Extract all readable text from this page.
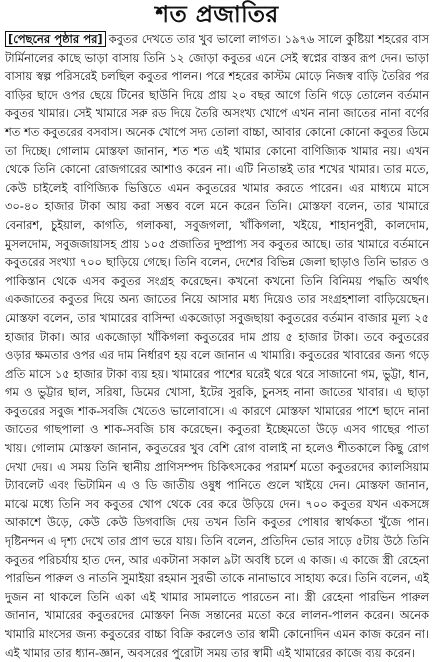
শত প্রজাতির

[পেছনের পৃষ্ঠার পর] কবুতর দেখতে তার খুব ভালো লাগত। ১৯৭৬ সালে কুষ্টিয়া শহরের বাস টার্মিনালের কাছে ভাড়া বাসায় তিনি ১২ জোড়া কবুতর এনে সেই স্বপ্নের বাস্তব রূপ দেন। ভাড়া বাসায় স্বল্প পরিসরেই চলছিল কবুতর পালন। পরে শহরের কাস্টম মোড়ে নিজস্ব বাড়ি তৈরির পর বাড়ির ছাদে ওপর ছেয়ে টিনের ছাউনি দিয়ে প্রায় ২০ বছর আগে তিনি গড়ে তোলেন বর্তমান কবুতর খামার। সেই খামারে সরু রড দিয়ে তৈরি অসংখ্য খোপে এখন নানা জাতের নানা বর্ণের শত শত কবুতরের বসবাস। অনেক খোপে সদ্য তোলা বাচ্চা, আবার কোনো কোনো কবুতর ডিমে তা দিচ্ছে। গোলাম মোস্তফা জানান, শত শত এই খামার কোনো বাণিজ্যিক খামার নয়। এখন থেকে তিনি কোনো রোজগারের আশাও করেন না। এটি নিতান্তই তার শখের খামার। তার মতে, কেউ চাইলেই বাণিজ্যিক ভিত্তিতে এমন কবুতরের খামার করতে পারেন। এর মাধ্যমে মাসে ৩০-৪০ হাজার টাকা আয় করা সম্ভব বলে মনে করেন তিনি। মোস্তফা বলেন, তার খামারে বেনারশ, চুইয়াল, কাগতি, গলাকষা, সবুজগলা, খাঁকিগলা, খইয়ে, শাহানপুরী, কালদোম, মুসলদোম, সবুজজায়াসহ প্রায় ১০৫ প্রজাতির দুষ্প্রাপ্য সব কবুতর আছে। তার খামারে বর্তমানে কবুতরের সংখ্যা ৭০০ ছাড়িয়ে গেছে। তিনি বলেন, দেশের বিভিন্ন জেলা ছাড়াও তিনি ভারত ও পাকিস্তান থেকে এসব কবুতর সংগ্রহ করেছেন। কখনো কখনো তিনি বিনিময় পদ্ধতি অর্থাৎ একজাতের কবুতর দিয়ে অন্য জাতের নিয়ে আসার মধ্য দিয়েও তার সংগ্রহশালা বাড়িয়েছেন। মোস্তফা বলেন, তার খামারের বাসিন্দা একজোড়া সবুজছায়া কবুতরের বর্তমান বাজার মূল্য ২৫ হাজার টাকা। আর একজোড়া খাঁকিগলা কবুতরের দাম প্রায় ৫ হাজার টাকা। তবে কবুতরের ওড়ার ক্ষমতার ওপর এর দাম নির্ধারণ হয় বলে জানান এ খামারি। কবুতরের খাবারের জন্য গড়ে প্রতি মাসে ১৫ হাজার টাকা ব্যয় হয়। খামারের পাশের ঘরেই থরে থরে সাজানো গম, ভুট্টা, ধান, গম ও ভুট্টার ছাল, সরিষা, ডিমের খোসা, ইটের সুরকি, চুনসহ নানা জাতের খাবার। এ ছাড়া কবুতরের সবুজ শাক-সবজি খেতেও ভালোবাসে। এ কারণে মোস্তফা খামারের পাশে ছাদে নানা জাতের গাছপালা ও শাক-সবজি চাষ করেছেন। কবুতরা ইচ্ছেমতো উড়ে এসব গাছের পাতা খায়। গোলাম মোস্তফা জানান, কবুতরের খুব বেশি রোগ বালাই না হলেও শীতকালে কিছু রোগ দেখা দেয়। এ সময় তিনি স্থানীয় প্রাণিসম্পদ চিকিৎসকের পরামর্শ মতো কবুতরদের ক্যালসিয়াম ট্যাবলেট এবং ভিটামিন এ ও ডি জাতীয় ওষুধ পানিতে গুলে খাইয়ে দেন। মোস্তফা জানান, মাঝে মধ্যে তিনি সব কবুতর খোপ থেকে বের করে উড়িয়ে দেন। ৭০০ কবুতর যখন একসঙ্গে আকাশে উড়ে, কেউ কেউ ডিগবাজি দেয় তখন তিনি কবুতর পোষার স্বার্থকতা খুঁজে পান। দৃষ্টিনন্দন এ দৃশ্য দেখে তার প্রাণ ভরে যায়। তিনি বলেন, প্রতিদিন ভোর সাড়ে ৫টায় উঠে তিনি কবুতর পরিচর্যায় হাত দেন, আর একটানা সকাল ৯টা অবধি চলে এ কাজ। এ কাজে স্ত্রী রেহেনা পারভিন পারুল ও নাতনি সুমাইয়া রহমান সুরভী তাকে নানাভাবে সাহায্য করে। তিনি বলেন, এই দুজন না থাকলে তিনি একা এই খামার সামলাতে পারতেন না। স্ত্রী রেহেনা পারভিন পারুল জানান, খামারের কবুতরদের মোস্তফা নিজ সন্তানের মতো করে লালন-পালন করেন। অনেক খামারি মাংসের জন্য কবুতরের বাচ্চা বিক্রি করলেও তার স্বামী কোনোদিন এমন কাজ করেন না। এই খামার তার ধ্যান-জ্ঞান, অবসরের পুরোটা সময় তার স্বামী এই খামারের কাজে ব্যয় করেন।
